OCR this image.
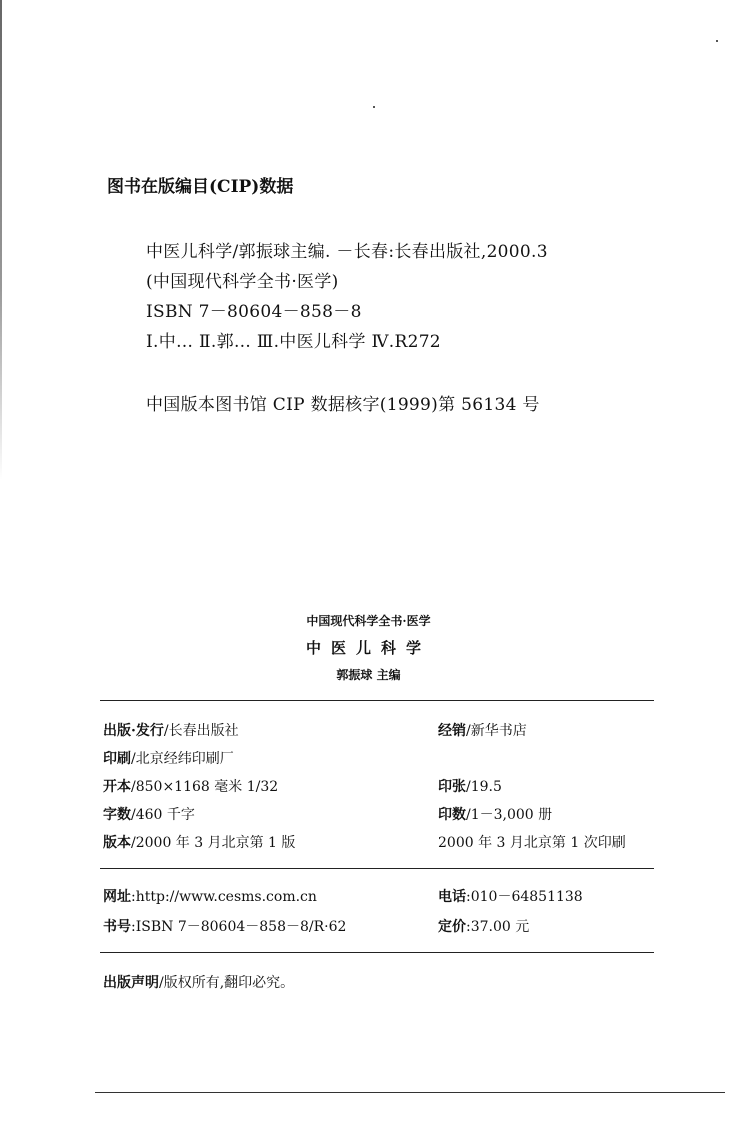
图书在版编目(CIP)数据
中医儿科学/郭振球主编. －长春:长春出版社,2000.3
(中国现代科学全书·医学)
ISBN 7－80604－858－8
Ⅰ.中… Ⅱ.郭… Ⅲ.中医儿科学 Ⅳ.R272
中国版本图书馆 CIP 数据核字(1999)第 56134 号
中国现代科学全书·医学
中医儿科学
郭振球 主编
出版·发行/长春出版社	经销/新华书店
印刷/北京经纬印刷厂
开本/850×1168 毫米 1/32	印张/19.5
字数/460 千字	印数/1－3,000 册
版本/2000 年 3 月北京第 1 版	2000 年 3 月北京第 1 次印刷
网址:http://www.cesms.com.cn	电话:010－64851138
书号:ISBN 7－80604－858－8/R·62	定价:37.00 元
出版声明/版权所有,翻印必究。
